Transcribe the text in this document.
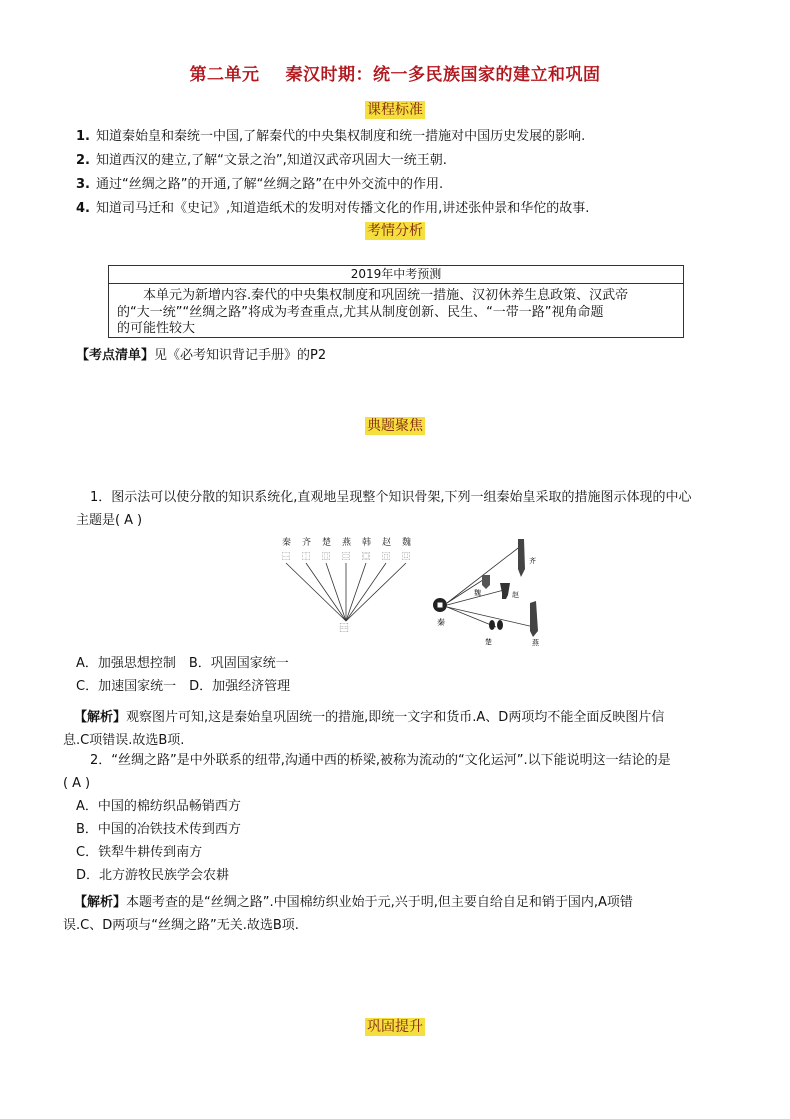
第二单元 秦汉时期：统一多民族国家的建立和巩固
课程标准
1. 知道秦始皇和秦统一中国,了解秦代的中央集权制度和统一措施对中国历史发展的影响.
2. 知道西汉的建立,了解“文景之治”,知道汉武帝巩固大一统王朝.
3. 通过“丝绸之路”的开通,了解“丝绸之路”在中外交流中的作用.
4. 知道司马迁和《史记》,知道造纸术的发明对传播文化的作用,讲述张仲景和华佗的故事.
考情分析
2019年中考预测
本单元为新增内容.秦代的中央集权制度和巩固统一措施、汉初休养生息政策、汉武帝
的“大一统”“丝绸之路”将成为考查重点,尤其从制度创新、民生、“一带一路”视角命题
的可能性较大
【考点清单】见《必考知识背记手册》的P2
典题聚焦
1．图示法可以使分散的知识系统化,直观地呈现整个知识骨架,下列一组秦始皇采取的措施图示体现的中心
主题是( A )
秦
⿱
齐
⿰
楚
⿲
燕
⿳
韩
⿴
赵
⿵
魏
⿶
⿳
秦
齐
魏	赵
楚	燕
A．加强思想控制　B．巩固国家统一
C．加速国家统一　D．加强经济管理
【解析】观察图片可知,这是秦始皇巩固统一的措施,即统一文字和货币.A、D两项均不能全面反映图片信
息.C项错误.故选B项.
2．“丝绸之路”是中外联系的纽带,沟通中西的桥梁,被称为流动的“文化运河”.以下能说明这一结论的是
( A )
A．中国的棉纺织品畅销西方
B．中国的冶铁技术传到西方
C．铁犁牛耕传到南方
D．北方游牧民族学会农耕
【解析】本题考查的是“丝绸之路”.中国棉纺织业始于元,兴于明,但主要自给自足和销于国内,A项错
误.C、D两项与“丝绸之路”无关.故选B项.
巩固提升
